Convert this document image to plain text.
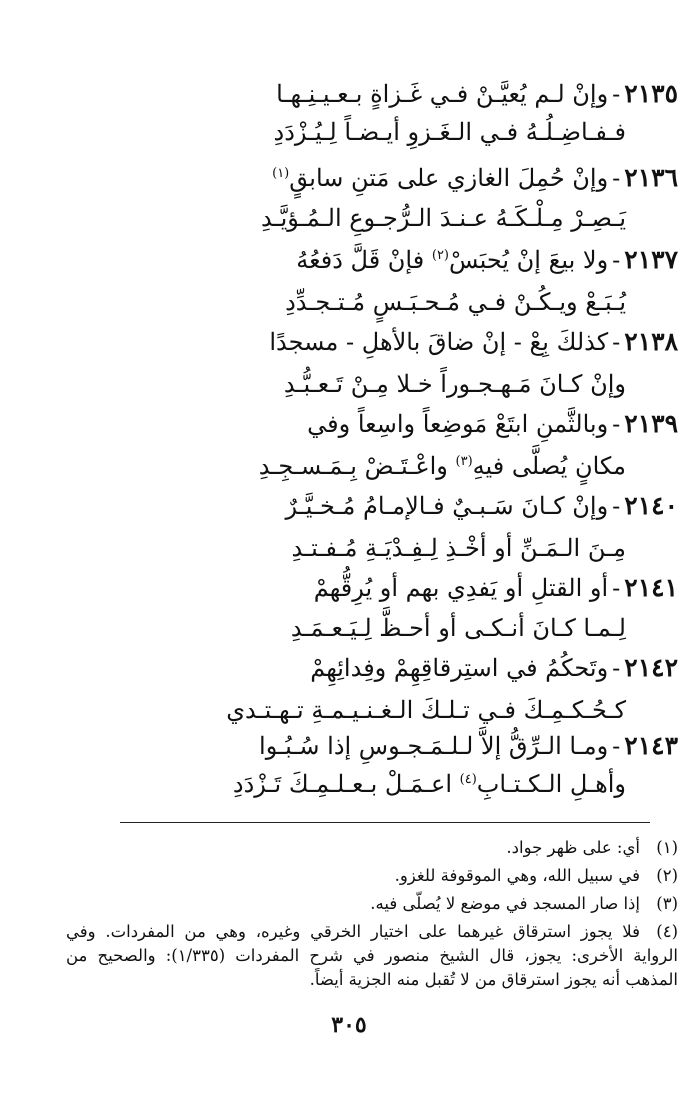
٢١٣٥-وإنْ لـم يُعيَّـنْ فـي غَـزاةٍ بـعـيـنِـهـا
فـفـاضِـلُـهُ فـي الـغَـزوِ أيـضـاً لِـيُـزْدَدِ
٢١٣٦-وإنْ حُمِلَ الغازي على مَتنِ سابقٍ$^{(١)}$
يَـصِـرْ مِـلْـكَـهُ عـنـدَ الـرُّجـوعِ الـمُـؤيَّـدِ
٢١٣٧-ولا بيعَ إنْ يُحبَسْ$^{(٢)}$ فإنْ قَلَّ دَفعُهُ
يُـبَـعْ ويـكُـنْ فـي مُـحـبَـسٍ مُـتـجـدِّدِ
٢١٣٨-كذلكَ بِعْ - إنْ ضاقَ بالأهلِ - مسجدًا
وإنْ كـانَ مَـهـجـوراً خـلا مِـنْ تَـعـبُّـدِ
٢١٣٩-وبالثَّمنِ ابتَعْ مَوضِعاً واسِعاً وفي
مكانٍ يُصلَّى فيهِ$^{(٣)}$ واعْـتَـضْ بِـمَـسـجِـدِ
٢١٤٠-وإنْ كـانَ سَـبـيٌ فـالإمـامُ مُـخـيَّـرٌ
مِـنَ الـمَـنِّ أو أخْـذِ لِـفِـدْيَـةِ مُـفـتـدِ
٢١٤١-أو القتلِ أو يَفدِي بهم أو يُرِقُّهمْ
لِـمـا كـانَ أنـكـى أو أحـظَّ لِـيَـعـمَـدِ
٢١٤٢-وتَحكُمُ في استِرقاقِهِمْ وفِدائِهِمْ
كـحُـكـمِـكَ فـي تـلـكَ الـغـنـيـمـةِ تـهـتـدي
٢١٤٣-ومـا الـرِّقُّ إلاَّ لـلـمَـجـوسِ إذا سُـبُـوا
وأهـلِ الـكـتـابِ$^{(٤)}$ اعـمَـلْ بـعـلـمِـكَ تَـزْدَدِ
(١)أي: على ظهر جواد.
(٢)في سبيل الله، وهي الموقوفة للغزو.
(٣)إذا صار المسجد في موضع لا يُصلّى فيه.
(٤)فلا يجوز استرقاق غيرهما على اختيار الخرقي وغيره، وهي من المفردات. وفي الرواية الأخرى: يجوز، قال الشيخ منصور في شرح المفردات (١/٣٣٥): والصحيح من المذهب أنه يجوز استرقاق من لا تُقبل منه الجزية أيضاً.
٣٠٥
